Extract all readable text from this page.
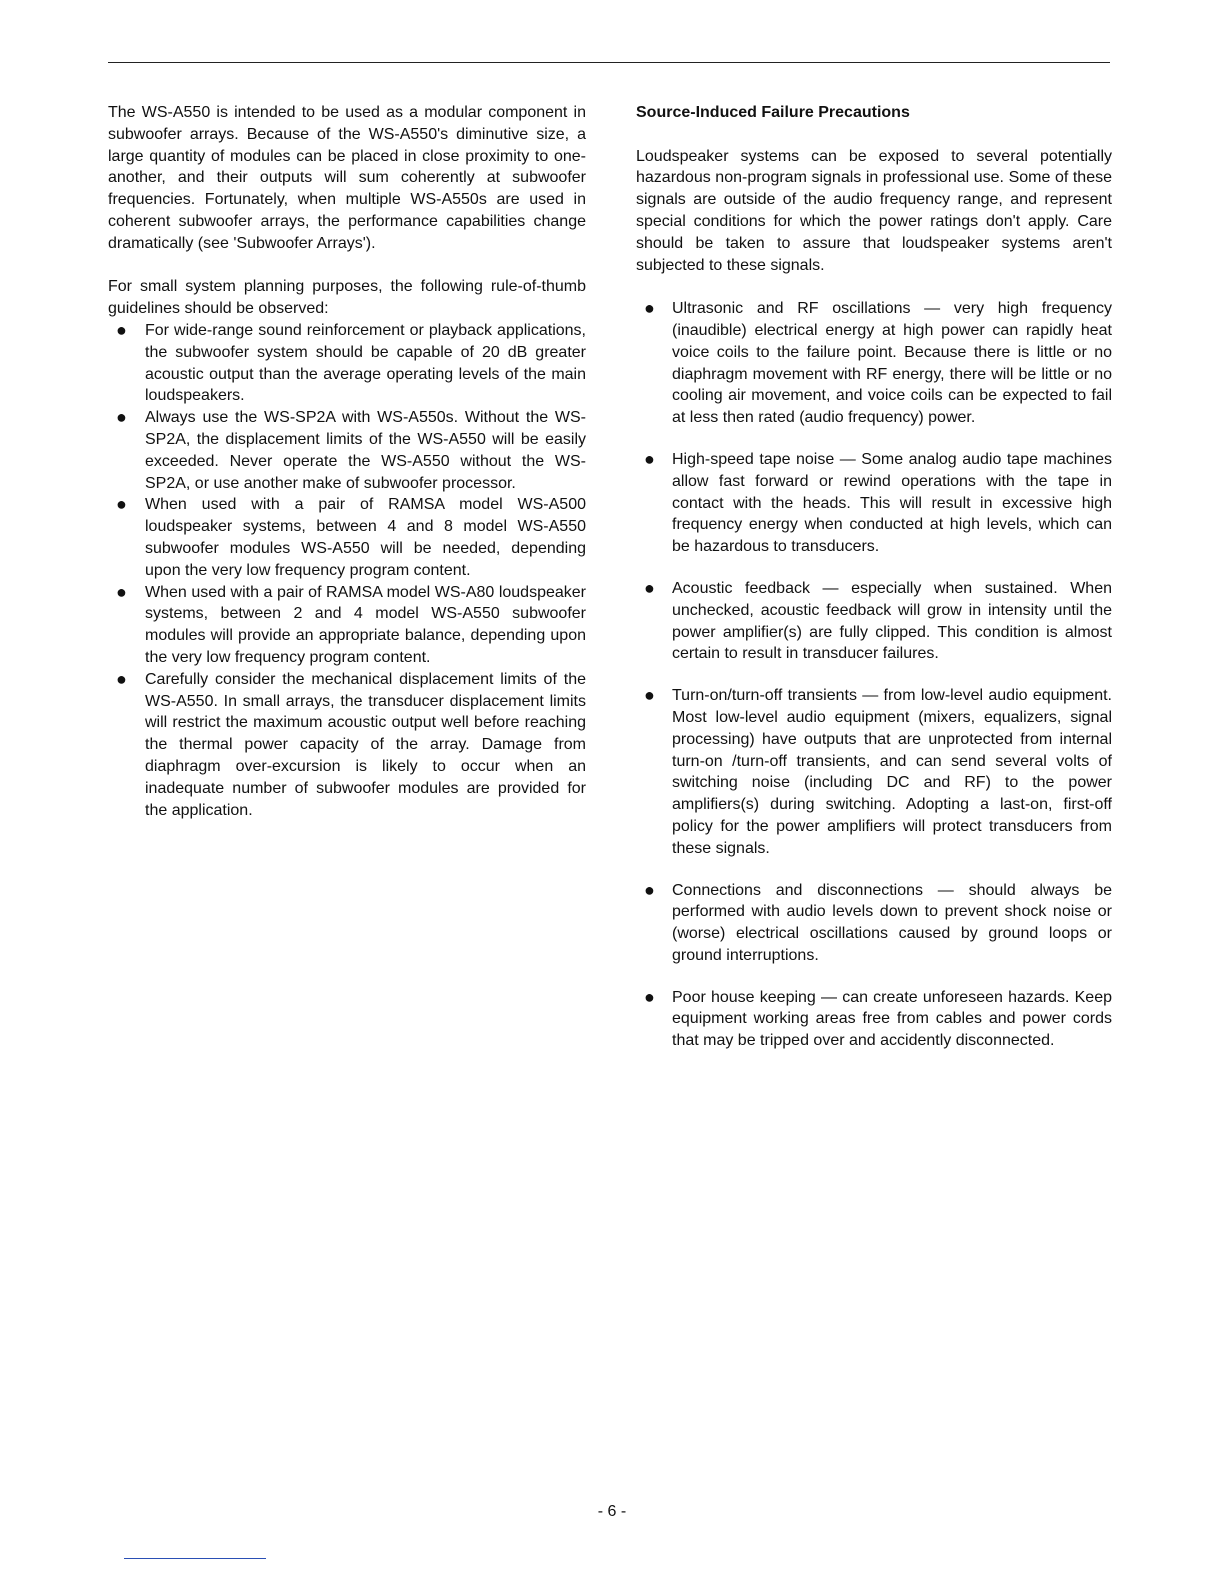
The WS-A550 is intended to be used as a modular component in subwoofer arrays. Because of the WS-A550's diminutive size, a large quantity of modules can be placed in close proximity to one-another, and their outputs will sum coherently at subwoofer frequencies. Fortunately, when multiple WS-A550s are used in coherent subwoofer arrays, the performance capabilities change dramatically (see 'Subwoofer Arrays').

For small system planning purposes, the following rule-of-thumb guidelines should be observed:

● For wide-range sound reinforcement or playback applications, the subwoofer system should be capable of 20 dB greater acoustic output than the average operating levels of the main loudspeakers.
● Always use the WS-SP2A with WS-A550s. Without the WS-SP2A, the displacement limits of the WS-A550 will be easily exceeded. Never operate the WS-A550 without the WS-SP2A, or use another make of subwoofer processor.
● When used with a pair of RAMSA model WS-A500 loudspeaker systems, between 4 and 8 model WS-A550 subwoofer modules WS-A550 will be needed, depending upon the very low frequency program content.
● When used with a pair of RAMSA model WS-A80 loudspeaker systems, between 2 and 4 model WS-A550 subwoofer modules will provide an appropriate balance, depending upon the very low frequency program content.
● Carefully consider the mechanical displacement limits of the WS-A550. In small arrays, the transducer displacement limits will restrict the maximum acoustic output well before reaching the thermal power capacity of the array. Damage from diaphragm over-excursion is likely to occur when an inadequate number of subwoofer modules are provided for the application.

Source-Induced Failure Precautions

Loudspeaker systems can be exposed to several potentially hazardous non-program signals in professional use. Some of these signals are outside of the audio frequency range, and represent special conditions for which the power ratings don't apply. Care should be taken to assure that loudspeaker systems aren't subjected to these signals.

● Ultrasonic and RF oscillations — very high frequency (inaudible) electrical energy at high power can rapidly heat voice coils to the failure point. Because there is little or no diaphragm movement with RF energy, there will be little or no cooling air movement, and voice coils can be expected to fail at less then rated (audio frequency) power.
● High-speed tape noise — Some analog audio tape machines allow fast forward or rewind operations with the tape in contact with the heads. This will result in excessive high frequency energy when conducted at high levels, which can be hazardous to transducers.
● Acoustic feedback — especially when sustained. When unchecked, acoustic feedback will grow in intensity until the power amplifier(s) are fully clipped. This condition is almost certain to result in transducer failures.
● Turn-on/turn-off transients — from low-level audio equipment. Most low-level audio equipment (mixers, equalizers, signal processing) have outputs that are unprotected from internal turn-on /turn-off transients, and can send several volts of switching noise (including DC and RF) to the power amplifiers(s) during switching. Adopting a last-on, first-off policy for the power amplifiers will protect transducers from these signals.
● Connections and disconnections — should always be performed with audio levels down to prevent shock noise or (worse) electrical oscillations caused by ground loops or ground interruptions.
● Poor house keeping — can create unforeseen hazards. Keep equipment working areas free from cables and power cords that may be tripped over and accidently disconnected.
- 6 -
